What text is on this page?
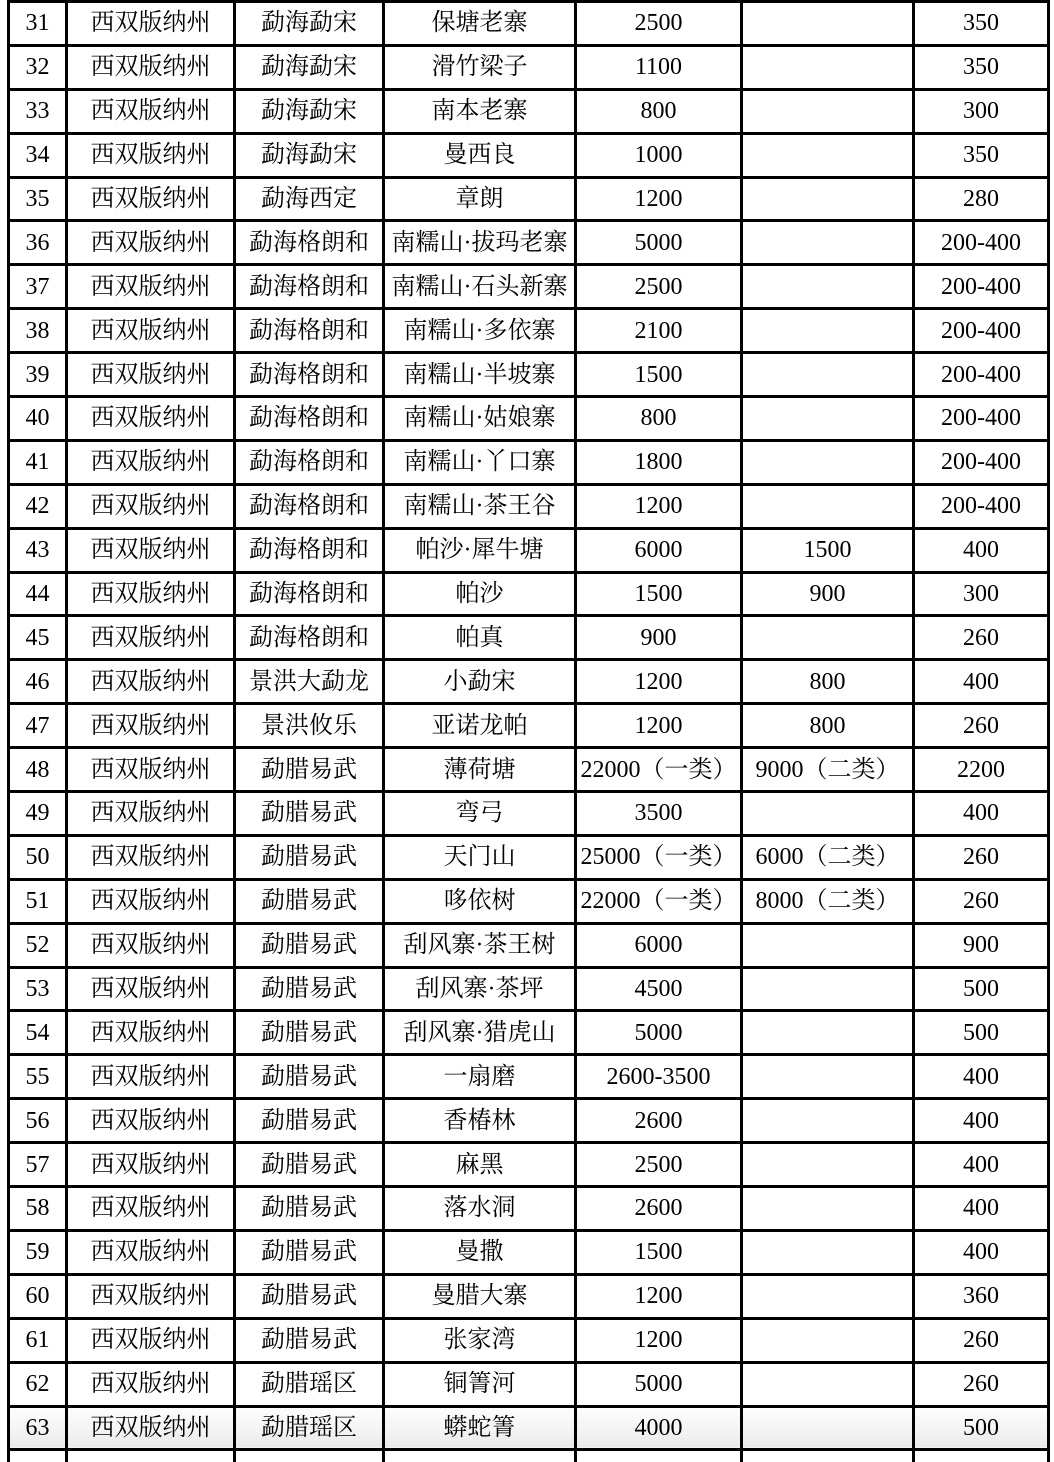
31	西双版纳州	勐海勐宋	保塘老寨	2500		350
32	西双版纳州	勐海勐宋	滑竹梁子	1100		350
33	西双版纳州	勐海勐宋	南本老寨	800		300
34	西双版纳州	勐海勐宋	曼西良	1000		350
35	西双版纳州	勐海西定	章朗	1200		280
36	西双版纳州	勐海格朗和	南糯山·拔玛老寨	5000		200-400
37	西双版纳州	勐海格朗和	南糯山·石头新寨	2500		200-400
38	西双版纳州	勐海格朗和	南糯山·多依寨	2100		200-400
39	西双版纳州	勐海格朗和	南糯山·半坡寨	1500		200-400
40	西双版纳州	勐海格朗和	南糯山·姑娘寨	800		200-400
41	西双版纳州	勐海格朗和	南糯山·丫口寨	1800		200-400
42	西双版纳州	勐海格朗和	南糯山·茶王谷	1200		200-400
43	西双版纳州	勐海格朗和	帕沙·犀牛塘	6000	1500	400
44	西双版纳州	勐海格朗和	帕沙	1500	900	300
45	西双版纳州	勐海格朗和	帕真	900		260
46	西双版纳州	景洪大勐龙	小勐宋	1200	800	400
47	西双版纳州	景洪攸乐	亚诺龙帕	1200	800	260
48	西双版纳州	勐腊易武	薄荷塘	22000（一类）	9000（二类）	2200
49	西双版纳州	勐腊易武	弯弓	3500		400
50	西双版纳州	勐腊易武	天门山	25000（一类）	6000（二类）	260
51	西双版纳州	勐腊易武	哆依树	22000（一类）	8000（二类）	260
52	西双版纳州	勐腊易武	刮风寨·茶王树	6000		900
53	西双版纳州	勐腊易武	刮风寨·茶坪	4500		500
54	西双版纳州	勐腊易武	刮风寨·猎虎山	5000		500
55	西双版纳州	勐腊易武	一扇磨	2600-3500		400
56	西双版纳州	勐腊易武	香椿林	2600		400
57	西双版纳州	勐腊易武	麻黑	2500		400
58	西双版纳州	勐腊易武	落水洞	2600		400
59	西双版纳州	勐腊易武	曼撒	1500		400
60	西双版纳州	勐腊易武	曼腊大寨	1200		360
61	西双版纳州	勐腊易武	张家湾	1200		260
62	西双版纳州	勐腊瑶区	铜箐河	5000		260
63	西双版纳州	勐腊瑶区	蟒蛇箐	4000		500
